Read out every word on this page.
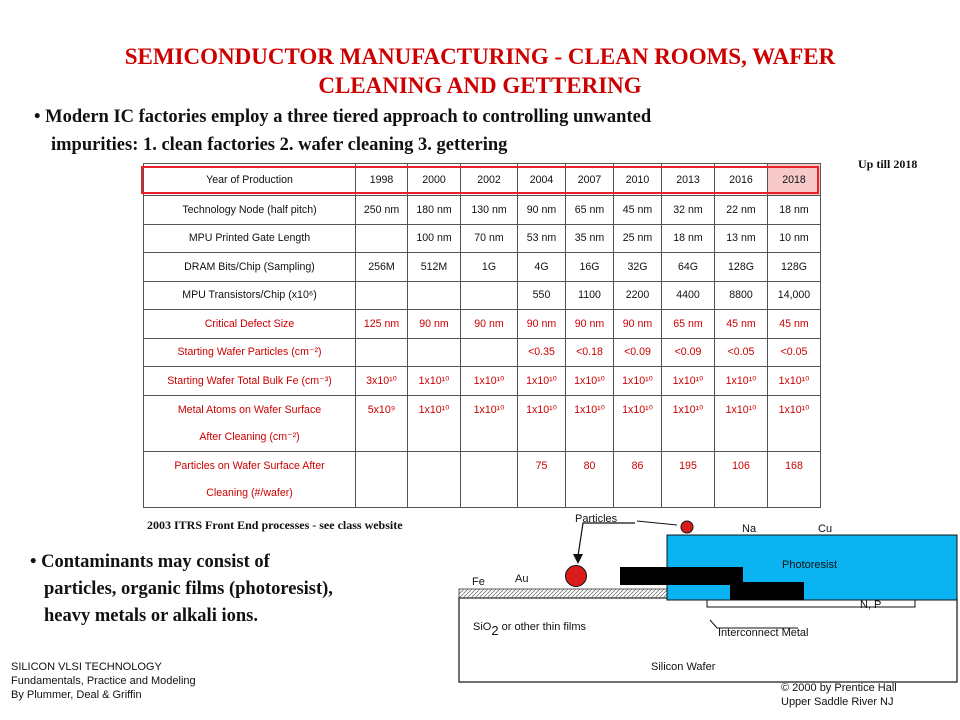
SEMICONDUCTOR MANUFACTURING - CLEAN ROOMS, WAFER
CLEANING AND GETTERING
• Modern IC factories employ a three tiered approach to controlling unwanted
impurities: 1. clean factories 2. wafer cleaning 3. gettering
Up till 2018
Year of Production	1998	2000	2002	2004	2007	2010	2013	2016	2018
Technology Node (half pitch)	250 nm	180 nm	130 nm	90 nm	65 nm	45 nm	32 nm	22 nm	18 nm
MPU Printed Gate Length		100 nm	70 nm	53 nm	35 nm	25 nm	18 nm	13 nm	10 nm
DRAM Bits/Chip (Sampling)	256M	512M	1G	4G	16G	32G	64G	128G	128G
MPU Transistors/Chip (x10⁶)				550	1100	2200	4400	8800	14,000
Critical Defect Size	125 nm	90 nm	90 nm	90 nm	90 nm	90 nm	65 nm	45 nm	45 nm
Starting Wafer Particles (cm⁻²)				<0.35	<0.18	<0.09	<0.09	<0.05	<0.05
Starting Wafer Total Bulk Fe (cm⁻³)	3x10¹⁰	1x10¹⁰	1x10¹⁰	1x10¹⁰	1x10¹⁰	1x10¹⁰	1x10¹⁰	1x10¹⁰	1x10¹⁰
Metal Atoms on Wafer Surface	5x10⁹	1x10¹⁰	1x10¹⁰	1x10¹⁰	1x10¹⁰	1x10¹⁰	1x10¹⁰	1x10¹⁰	1x10¹⁰
After Cleaning (cm⁻²)									
Particles on Wafer Surface After				75	80	86	195	106	168
Cleaning (#/wafer)									
2003 ITRS Front End processes - see class website
• Contaminants may consist of
particles, organic films (photoresist),
heavy metals or alkali ions.
SILICON VLSI TECHNOLOGY
Fundamentals, Practice and Modeling
By Plummer, Deal & Griffin
© 2000 by Prentice Hall
Upper Saddle River NJ
Particles
Na	Cu
Photoresist
Fe	Au
N, P
SiO2 or other thin films	Interconnect Metal
Silicon Wafer
